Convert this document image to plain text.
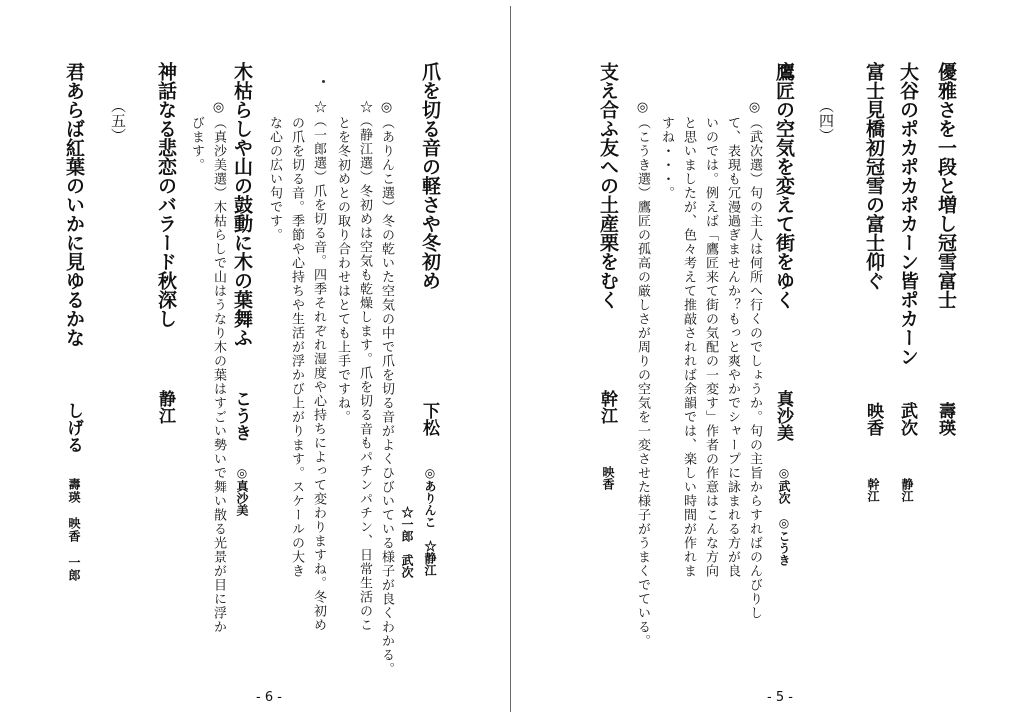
優雅さを一段と増し冠雪富士
壽瑛
大谷のポカポカポカーン皆ポカーン
武次
静江
富士見橋初冠雪の富士仰ぐ
映香
幹江
（四）
鷹匠の空気を変えて街をゆく
真沙美
◎武次　◎こうき
◎（武次選）句の主人は何所へ行くのでしょうか。句の主旨からすればのんびりし
て、表現も冗漫過ぎませんか？もっと爽やかでシャープに詠まれる方が良
いのでは。例えば「鷹匠来て街の気配の一変す」作者の作意はこんな方向
と思いましたが、色々考えて推敲されれば余韻では、楽しい時間が作れま
すね・・・。
◎（こうき選）鷹匠の孤高の厳しさが周りの空気を一変させた様子がうまくでている。
支え合ふ友への土産栗をむく
幹江
映香
- 5 -
爪を切る音の軽さや冬初め
下松
◎ありんこ　☆静江
☆一郎　武次
◎（ありんこ選）冬の乾いた空気の中で爪を切る音がよくひびいている様子が良くわかる。
☆（静江選）冬初めは空気も乾燥します。爪を切る音もパチンパチン、日常生活のこ
とを冬初めとの取り合わせはとても上手ですね。
☆（一郎選）爪を切る音。四季それぞれ湿度や心持ちによって変わりますね。冬初め
の爪を切る音。季節や心持ちや生活が浮かび上がります。スケールの大き
な心の広い句です。
木枯らしや山の鼓動に木の葉舞ふ
こうき
◎真沙美
◎（真沙美選）木枯らしで山はうなり木の葉はすごい勢いで舞い散る光景が目に浮か
びます。
神話なる悲恋のバラード秋深し
静江
（五）
君あらば紅葉のいかに見ゆるかな
しげる
壽瑛　映香　一郎
- 6 -
